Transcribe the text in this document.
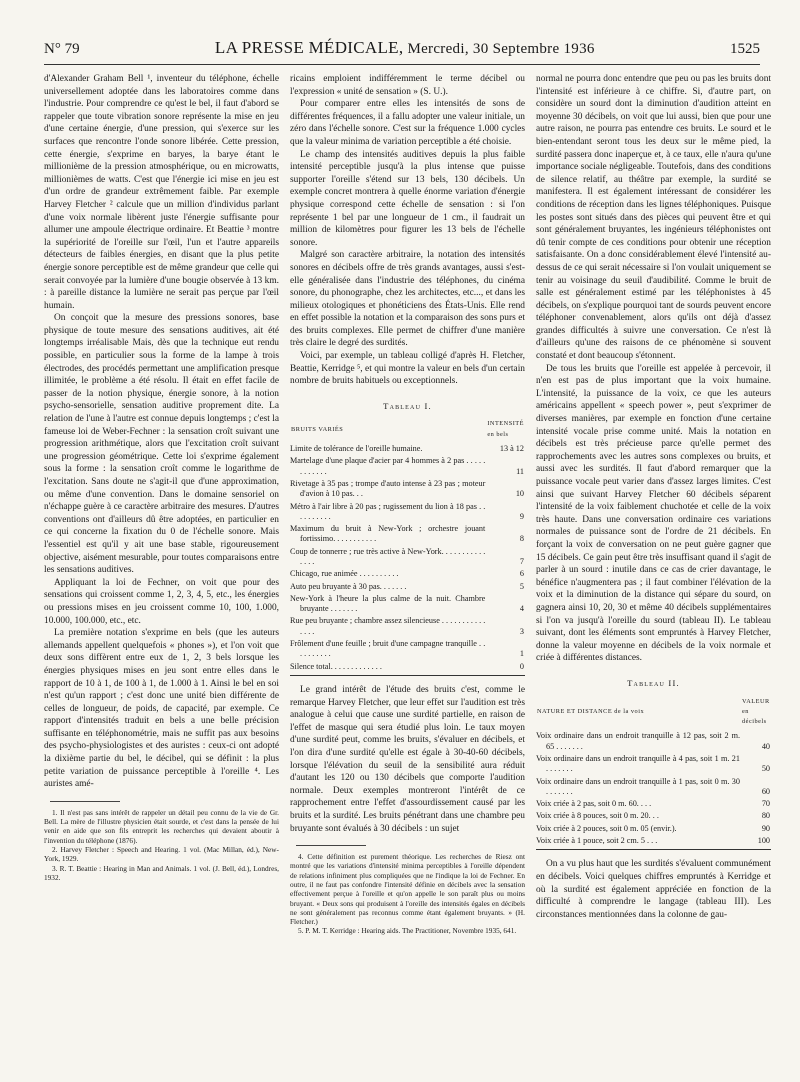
N° 79	LA PRESSE MÉDICALE, Mercredi, 30 Septembre 1936	1525

d'Alexander Graham Bell ¹, inventeur du téléphone, échelle universellement adoptée dans les laboratoires comme dans l'industrie. Pour comprendre ce qu'est le bel, il faut d'abord se rappeler que toute vibration sonore représente la mise en jeu d'une certaine énergie, d'une pression, qui s'exerce sur les surfaces que rencontre l'onde sonore libérée. Cette pression, cette énergie, s'exprime en baryes, la barye étant le millionième de la pression atmosphérique, ou en microwatts, millionièmes de watts. C'est que l'énergie ici mise en jeu est d'un ordre de grandeur extrêmement faible. Par exemple Harvey Fletcher ² calcule que un million d'individus parlant d'une voix normale libèrent juste l'énergie suffisante pour allumer une ampoule électrique ordinaire. Et Beattie ³ montre la supériorité de l'oreille sur l'œil, l'un et l'autre appareils détecteurs de faibles énergies, en disant que la plus petite énergie sonore perceptible est de même grandeur que celle qui serait convoyée par la lumière d'une bougie observée à 13 km. : à pareille distance la lumière ne serait pas perçue par l'œil humain.

On conçoit que la mesure des pressions sonores, base physique de toute mesure des sensations auditives, ait été longtemps irréalisable Mais, dès que la technique eut rendu possible, en particulier sous la forme de la lampe à trois électrodes, des procédés permettant une amplification presque illimitée, le problème a été résolu. Il était en effet facile de passer de la notion physique, énergie sonore, à la notion psycho-sensorielle, sensation auditive proprement dite. La relation de l'une à l'autre est connue depuis longtemps ; c'est la fameuse loi de Weber-Fechner : la sensation croît suivant une progression arithmétique, alors que l'excitation croît suivant une progression géométrique. Cette loi s'exprime également sous la forme : la sensation croît comme le logarithme de l'excitation. Sans doute ne s'agit-il que d'une approximation, ou même d'une convention. Dans le domaine sensoriel on n'échappe guère à ce caractère arbitraire des mesures. D'autres conventions ont d'ailleurs dû être adoptées, en particulier en ce qui concerne la fixation du 0 de l'échelle sonore. Mais l'essentiel est qu'il y ait une base stable, rigoureusement objective, aisément mesurable, pour toutes comparaisons entre les sensations auditives.

Appliquant la loi de Fechner, on voit que pour des sensations qui croissent comme 1, 2, 3, 4, 5, etc., les énergies ou pressions mises en jeu croissent comme 10, 100, 1.000, 10.000, 100.000, etc., etc.

La première notation s'exprime en bels (que les auteurs allemands appellent quelquefois « phones »), et l'on voit que deux sons diffèrent entre eux de 1, 2, 3 bels lorsque les énergies physiques mises en jeu sont entre elles dans le rapport de 10 à 1, de 100 à 1, de 1.000 à 1. Ainsi le bel en soi n'est qu'un rapport ; c'est donc une unité bien différente de celles de longueur, de poids, de capacité, par exemple. Ce rapport d'intensités traduit en bels a une belle précision suffisante en téléphonométrie, mais ne suffit pas aux besoins des psycho-physiologistes et des auristes : ceux-ci ont adopté la dixième partie du bel, le décibel, qui se définit : la plus petite variation de puissance perceptible à l'oreille ⁴. Les auristes amé-

1. Il n'est pas sans intérêt de rappeler un détail peu connu de la vie de Gr. Bell. La mère de l'illustre physicien était sourde, et c'est dans la pensée de lui venir en aide que son fils entreprit les recherches qui devaient aboutir à l'invention du téléphone (1876).

2. Harvey Fletcher : Speech and Hearing. 1 vol. (Mac Millan, éd.), New-York, 1929.

3. R. T. Beattie : Hearing in Man and Animals. 1 vol. (J. Bell, éd.), Londres, 1932.

ricains emploient indifféremment le terme décibel ou l'expression « unité de sensation » (S. U.).

Pour comparer entre elles les intensités de sons de différentes fréquences, il a fallu adopter une valeur initiale, un zéro dans l'échelle sonore. C'est sur la fréquence 1.000 cycles que la valeur minima de variation perceptible a été choisie.

Le champ des intensités auditives depuis la plus faible intensité perceptible jusqu'à la plus intense que puisse supporter l'oreille s'étend sur 13 bels, 130 décibels. Un exemple concret montrera à quelle énorme variation d'énergie physique correspond cette échelle de sensation : si l'on représente 1 bel par une longueur de 1 cm., il faudrait un million de kilomètres pour figurer les 13 bels de l'échelle sonore.

Malgré son caractère arbitraire, la notation des intensités sonores en décibels offre de très grands avantages, aussi s'est-elle généralisée dans l'industrie des téléphones, du cinéma sonore, du phonographe, chez les architectes, etc..., et dans les milieux otologiques et phonéticiens des États-Unis. Elle rend en effet possible la notation et la comparaison des sons purs et des bruits complexes. Elle permet de chiffrer d'une manière très claire le degré des surdités.

Voici, par exemple, un tableau colligé d'après H. Fletcher, Beattie, Kerridge ⁵, et qui montre la valeur en bels d'un certain nombre de bruits habituels ou exceptionnels.

Tableau I.
BRUITS VARIÉS	INTENSITÉ en bels
Limite de tolérance de l'oreille humaine.	13 à 12
Martelage d'une plaque d'acier par 4 hommes à 2 pas . . . . . . . . . . . .	11
Rivetage à 35 pas ; trompe d'auto intense à 23 pas ; moteur d'avion à 10 pas. . .	10
Métro à l'air libre à 20 pas ; rugissement du lion à 18 pas . . . . . . . . . .	9
Maximum du bruit à New-York ; orchestre jouant fortissimo. . . . . . . . . . .	8
Coup de tonnerre ; rue très active à New-York. . . . . . . . . . . . . . .	7
Chicago, rue animée . . . . . . . . . .	6
Auto peu bruyante à 30 pas. . . . . . .	5
New-York à l'heure la plus calme de la nuit. Chambre bruyante . . . . . . .	4
Rue peu bruyante ; chambre assez silencieuse . . . . . . . . . . . . . . .	3
Frôlement d'une feuille ; bruit d'une campagne tranquille . . . . . . . . . .	1
Silence total. . . . . . . . . . . . .	0

Le grand intérêt de l'étude des bruits c'est, comme le remarque Harvey Fletcher, que leur effet sur l'audition est très analogue à celui que cause une surdité partielle, en raison de l'effet de masque qui sera étudié plus loin. Le taux moyen d'une surdité peut, comme les bruits, s'évaluer en décibels, et l'on dira d'une surdité qu'elle est égale à 30-40-60 décibels, lorsque l'élévation du seuil de la sensibilité aura réduit d'autant les 120 ou 130 décibels que comporte l'audition normale. Deux exemples montreront l'intérêt de ce rapprochement entre l'effet d'assourdissement causé par les bruits et la surdité. Les bruits pénétrant dans une chambre peu bruyante sont évalués à 30 décibels : un sujet

4. Cette définition est purement théorique. Les recherches de Riesz ont montré que les variations d'intensité minima perceptibles à l'oreille dépendent de relations infiniment plus compliquées que ne l'indique la loi de Fechner. En outre, il ne faut pas confondre l'intensité définie en décibels avec la sensation effectivement perçue à l'oreille et qu'on appelle le son paraît plus ou moins bruyant. « Deux sons qui produisent à l'oreille des intensités égales en décibels ne sont généralement pas reconnus comme étant également bruyants. » (H. Fletcher.)

5. P. M. T. Kerridge : Hearing aids. The Practitioner, Novembre 1935, 641.

normal ne pourra donc entendre que peu ou pas les bruits dont l'intensité est inférieure à ce chiffre. Si, d'autre part, on considère un sourd dont la diminution d'audition atteint en moyenne 30 décibels, on voit que lui aussi, bien que pour une autre raison, ne pourra pas entendre ces bruits. Le sourd et le bien-entendant seront tous les deux sur le même pied, la surdité passera donc inaperçue et, à ce taux, elle n'aura qu'une importance sociale négligeable. Toutefois, dans des conditions de silence relatif, au théâtre par exemple, la surdité se manifestera. Il est également intéressant de considérer les conditions de réception dans les lignes téléphoniques. Puisque les postes sont situés dans des pièces qui peuvent être et qui sont généralement bruyantes, les ingénieurs téléphonistes ont dû tenir compte de ces conditions pour obtenir une réception satisfaisante. On a donc considérablement élevé l'intensité au-dessus de ce qui serait nécessaire si l'on voulait uniquement se tenir au voisinage du seuil d'audibilité. Comme le bruit de salle est généralement estimé par les téléphonistes à 45 décibels, on s'explique pourquoi tant de sourds peuvent encore téléphoner convenablement, alors qu'ils ont déjà d'assez grandes difficultés à suivre une conversation. Ce n'est là d'ailleurs qu'une des raisons de ce phénomène si souvent constaté et dont beaucoup s'étonnent.

De tous les bruits que l'oreille est appelée à percevoir, il n'en est pas de plus important que la voix humaine. L'intensité, la puissance de la voix, ce que les auteurs américains appellent « speech power », peut s'exprimer de diverses manières, par exemple en fonction d'une certaine intensité vocale prise comme unité. Mais la notation en décibels est très précieuse parce qu'elle permet des rapprochements avec les autres sons complexes ou bruits, et aussi avec les surdités. Il faut d'abord remarquer que la puissance vocale peut varier dans d'assez larges limites. C'est ainsi que suivant Harvey Fletcher 60 décibels séparent l'intensité de la voix faiblement chuchotée et celle de la voix très haute. Dans une conversation ordinaire ces variations normales de puissance sont de l'ordre de 21 décibels. En forçant la voix de conversation on ne peut guère gagner que 15 décibels. Ce gain peut être très insuffisant quand il s'agit de parler à un sourd : inutile dans ce cas de crier davantage, le bénéfice n'augmentera pas ; il faut combiner l'élévation de la voix et la diminution de la distance qui sépare du sourd, on gagnera ainsi 10, 20, 30 et même 40 décibels supplémentaires si l'on va jusqu'à l'oreille du sourd (tableau II). Le tableau suivant, dont les éléments sont empruntés à Harvey Fletcher, donne la valeur moyenne en décibels de la voix normale et criée à différentes distances.

Tableau II.
NATURE ET DISTANCE de la voix	VALEUR en décibels
Voix ordinaire dans un endroit tranquille à 12 pas, soit 2 m. 65 . . . . . . .	40
Voix ordinaire dans un endroit tranquille à 4 pas, soit 1 m. 21 . . . . . . .	50
Voix ordinaire dans un endroit tranquille à 1 pas, soit 0 m. 30 . . . . . . .	60
Voix criée à 2 pas, soit 0 m. 60. . . .	70
Voix criée à 8 pouces, soit 0 m. 20. . .	80
Voix criée à 2 pouces, soit 0 m. 05 (envir.).	90
Voix criée à 1 pouce, soit 2 cm. 5 . . .	100

On a vu plus haut que les surdités s'évaluent communément en décibels. Voici quelques chiffres empruntés à Kerridge et où la surdité est également appréciée en fonction de la difficulté à comprendre le langage (tableau III). Les circonstances mentionnées dans la colonne de gau-
